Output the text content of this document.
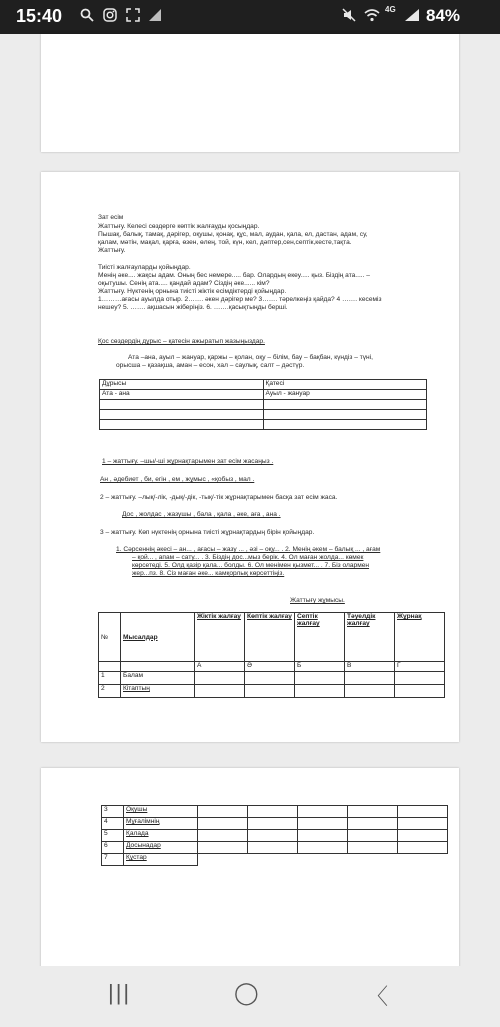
15:40	4G 84%
Зат есім
Жаттығу. Келесі сөздерге көптік жалғауды қосыңдар.
Пышақ, балық, тамақ, дәрігер, оқушы, қонақ, құс, мал, аудан, қала, ел, дастан, адам, су,
қалам, мәтін, мақал, қарға, өзен, өлең, той, күн, кел, дәптер,сен,септік,кесте,тақта.
Жаттығу.
Тиісті жалғауларды қойыңдар.
Менің әке.... жақсы адам. Оның бес немере..... бар. Олардың екеу..... қыз. Біздің ата..... –
оқытушы. Сенің ата..... қандай адам? Сіздің әке...... кім?
Жаттығу. Нүктенің орнына тиісті жіктік есімдіктерді қойыңдар.
1………ағасы ауылда отыр. 2……. әкен дәрігер ме? 3……. тәрелкеңіз қайда? 4 ……. кесеміз
нешеу? 5. ……. ақшасын жіберіңіз. 6. …….қасықтыңды берші.
Қос сөздердің дұрыс – қатесін ажыратып жазыңыздар.
Ата –ана, ауыл – жануар, қаржы – қолан, оқу – білім, бау – бақбан, күндіз – түні,
орысша – қазақша, аман – есон, хал – саулық, салт – дәстүр.
Дұрысы	Қатесі
Ата - ана	Ауыл - жануар

1 – жаттығу. –шы/-ші жұрнақтарымен зат есім жасаңыз .
Ан , әдебиет , би, егін , ем , жұмыс , «қобыз , мал .
2 – жаттығу. –лық/-лік, -дық/-дік, -тық/-тік жұрнақтарымен басқа зат есім жаса.
Дос , жолдас , жазушы , бала , қала , әке, аға , ана .
3 – жаттығу. Көп нүктенің орнына тиісті жұрнақтардың бірін қойыңдар.
1. Сәрсеннің әкесі – ан... , ағасы – жазу ... , әзі – оқу... . 2. Менің әкем – балық ... , ағам
– қой... , апам – сату... . 3. Біздің дос...мыз берік. 4. Ол маған жолда... көмек
көрсетеді. 5. Олд қазір қала... болды. 6. Ол менімен қызмет... . 7. Біз олармен
жер...пз. 8. Сіз маған әке... камқорлық көрсеттіңіз.
Жаттығу жұмысы.
№	Мысалдар	Жіктік жалғау	Көптік жалғау	Септік жалғау	Тәуелдік жалғау	Жұрнақ
		А	Ә	Б	В	Г
1	Балам					
2	Кітаптың					
3	Оқушы					
4	Мұғалімнің					
5	Қалада					
6	Досынадар					
7	Құстар					
|||	◯	〈
